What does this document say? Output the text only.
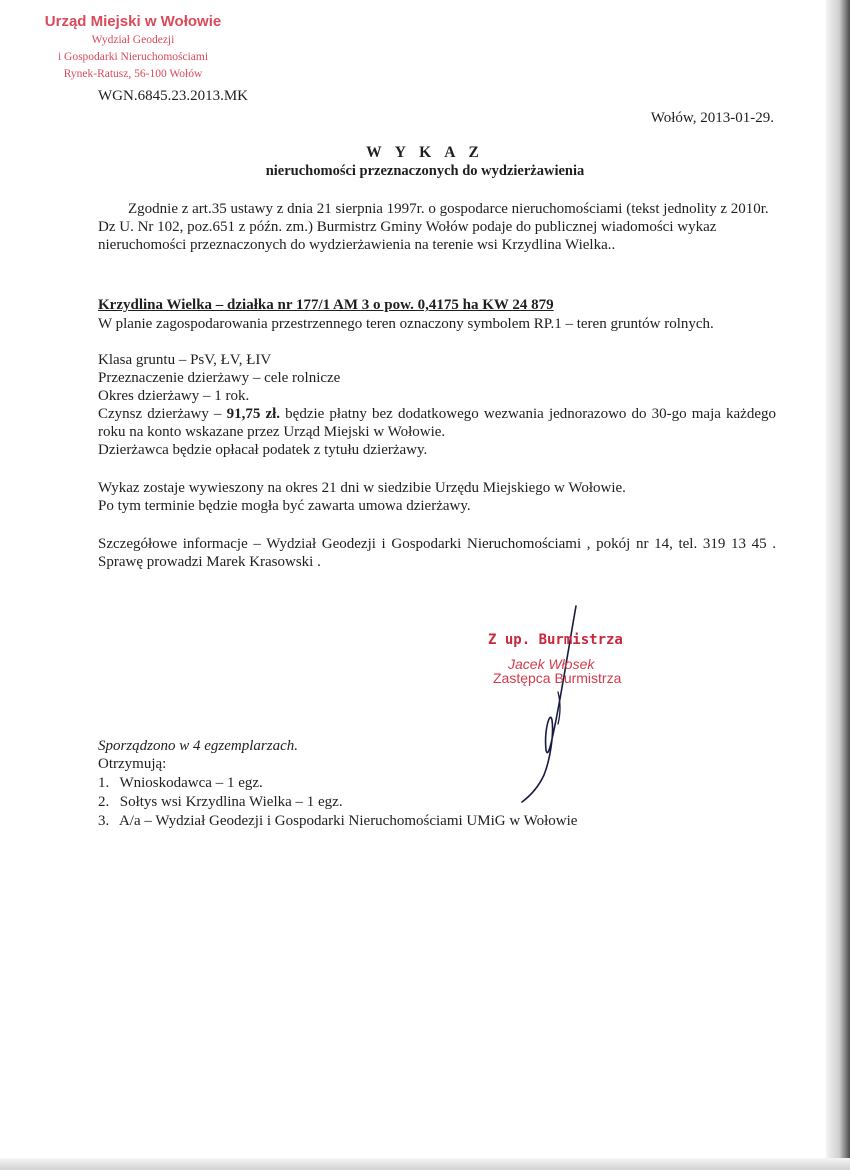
Urząd Miejski w Wołowie
Wydział Geodezji
i Gospodarki Nieruchomościami
Rynek-Ratusz, 56-100 Wołów
WGN.6845.23.2013.MK
Wołów, 2013-01-29.
W Y K A Z
nieruchomości przeznaczonych do wydzierżawienia

Zgodnie z art.35 ustawy z dnia 21 sierpnia 1997r. o gospodarce nieruchomościami (tekst jednolity z 2010r. Dz U. Nr 102, poz.651 z późn. zm.) Burmistrz Gminy Wołów podaje do publicznej wiadomości wykaz nieruchomości przeznaczonych do wydzierżawienia na terenie wsi Krzydlina Wielka..

Krzydlina Wielka – działka nr 177/1 AM 3 o pow. 0,4175 ha KW 24 879

W planie zagospodarowania przestrzennego teren oznaczony symbolem RP.1 – teren gruntów rolnych.

Klasa gruntu – PsV, ŁV, ŁIV
Przeznaczenie dzierżawy – cele rolnicze
Okres dzierżawy – 1 rok.
Czynsz dzierżawy – 91,75 zł. będzie płatny bez dodatkowego wezwania jednorazowo do 30-go maja każdego roku na konto wskazane przez Urząd Miejski w Wołowie.
Dzierżawca będzie opłacał podatek z tytułu dzierżawy.
Wykaz zostaje wywieszony na okres 21 dni w siedzibie Urzędu Miejskiego w Wołowie.
Po tym terminie będzie mogła być zawarta umowa dzierżawy.

Szczegółowe informacje – Wydział Geodezji i Gospodarki Nieruchomościami , pokój nr 14, tel. 319 13 45 . Sprawę prowadzi Marek Krasowski .

Z up. Burmistrza
Jacek Włosek
Zastępca Burmistrza
Sporządzono w 4 egzemplarzach.
Otrzymują:
1. Wnioskodawca – 1 egz.
2. Sołtys wsi Krzydlina Wielka – 1 egz.
3. A/a – Wydział Geodezji i Gospodarki Nieruchomościami UMiG w Wołowie
